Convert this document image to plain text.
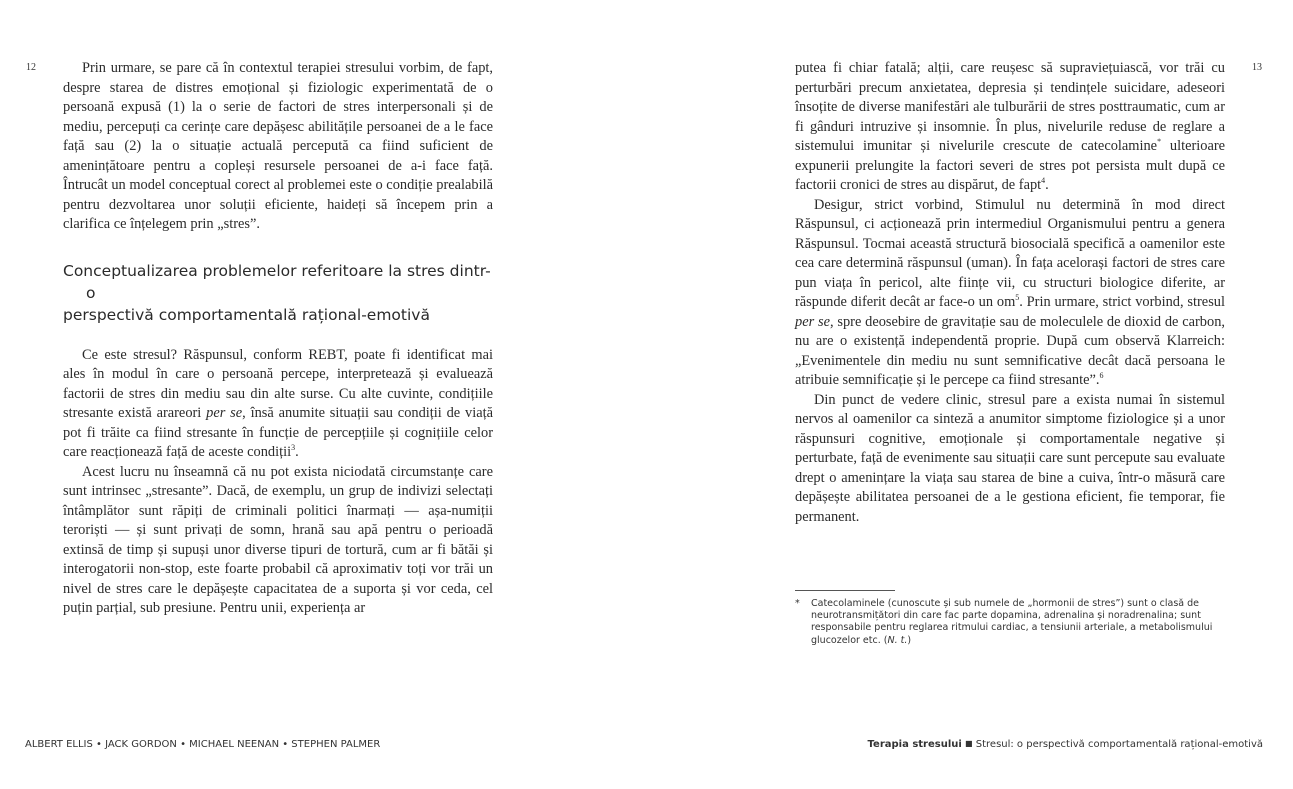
12	Prin urmare, se pare că în contextul terapiei stresului vorbim, de fapt, despre starea de distres emoțional și fiziologic experimentată de o persoană expusă (1) la o serie de factori de stres interpersonali și de mediu, percepuți ca cerințe care depășesc abilitățile persoanei de a le face față sau (2) la o situație actuală percepută ca fiind suficient de amenințătoare pentru a copleși resursele persoanei de a-i face față. Întrucât un model conceptual corect al problemei este o condiție prealabilă pentru dezvoltarea unor soluții eficiente, haideți să începem prin a clarifica ce înțelegem prin „stres”.

Conceptualizarea problemelor referitoare la stres dintr-o
perspectivă comportamentală rațional-emotivă

Ce este stresul? Răspunsul, conform REBT, poate fi identificat mai ales în modul în care o persoană percepe, interpretează și evaluează factorii de stres din mediu sau din alte surse. Cu alte cuvinte, condițiile stresante există arareori per se, însă anumite situații sau condiții de viață pot fi trăite ca fiind stresante în funcție de percepțiile și cognițiile celor care reacționează față de aceste condiții$^3$.

Acest lucru nu înseamnă că nu pot exista niciodată circumstanțe care sunt intrinsec „stresante”. Dacă, de exemplu, un grup de indivizi selectați întâmplător sunt răpiți de criminali politici înarmați — așa-numiții teroriști — și sunt privați de somn, hrană sau apă pentru o perioadă extinsă de timp și supuși unor diverse tipuri de tortură, cum ar fi bătăi și interogatorii non-stop, este foarte probabil că aproximativ toți vor trăi un nivel de stres care le depășește capacitatea de a suporta și vor ceda, cel puțin parțial, sub presiune. Pentru unii, experiența ar

13

putea fi chiar fatală; alții, care reușesc să supraviețuiască, vor trăi cu perturbări precum anxietatea, depresia și tendințele suicidare, adeseori însoțite de diverse manifestări ale tulburării de stres posttraumatic, cum ar fi gânduri intruzive și insomnie. În plus, nivelurile reduse de reglare a sistemului imunitar și nivelurile crescute de catecolamine* ulterioare expunerii prelungite la factori severi de stres pot persista mult după ce factorii cronici de stres au dispărut, de fapt$^4$.

Desigur, strict vorbind, Stimulul nu determină în mod direct Răspunsul, ci acționează prin intermediul Organismului pentru a genera Răspunsul. Tocmai această structură biosocială specifică a oamenilor este cea care determină răspunsul (uman). În fața acelorași factori de stres care pun viața în pericol, alte ființe vii, cu structuri biologice diferite, ar răspunde diferit decât ar face-o un $om^5$. Prin urmare, strict vorbind, stresul per se, spre deosebire de gravitație sau de moleculele de dioxid de carbon, nu are o existență independentă proprie. După cum observă Klarreich: „Evenimentele din mediu nu sunt semnificative decât dacă persoana le atribuie semnificație și le percepe ca fiind stresante”.$^6$

Din punct de vedere clinic, stresul pare a exista numai în sistemul nervos al oamenilor ca sinteză a anumitor simptome fiziologice și a unor răspunsuri cognitive, emoționale și comportamentale negative și perturbate, față de evenimente sau situații care sunt percepute sau evaluate drept o amenințare la viața sau starea de bine a cuiva, într-o măsură care depășește abilitatea persoanei de a le gestiona eficient, fie temporar, fie permanent.

*	Catecolaminele (cunoscute și sub numele de „hormonii de stres”) sunt o clasă de neurotransmițători din care fac parte dopamina, adrenalina și noradrenalina; sunt responsabile pentru reglarea ritmului cardiac, a tensiunii arteriale, a metabolismului glucozelor etc. (N. t.)
ALBERT ELLIS • JACK GORDON • MICHAEL NEENAN • STEPHEN PALMER	Terapia stresului ■ Stresul: o perspectivă comportamentală rațional-emotivă
